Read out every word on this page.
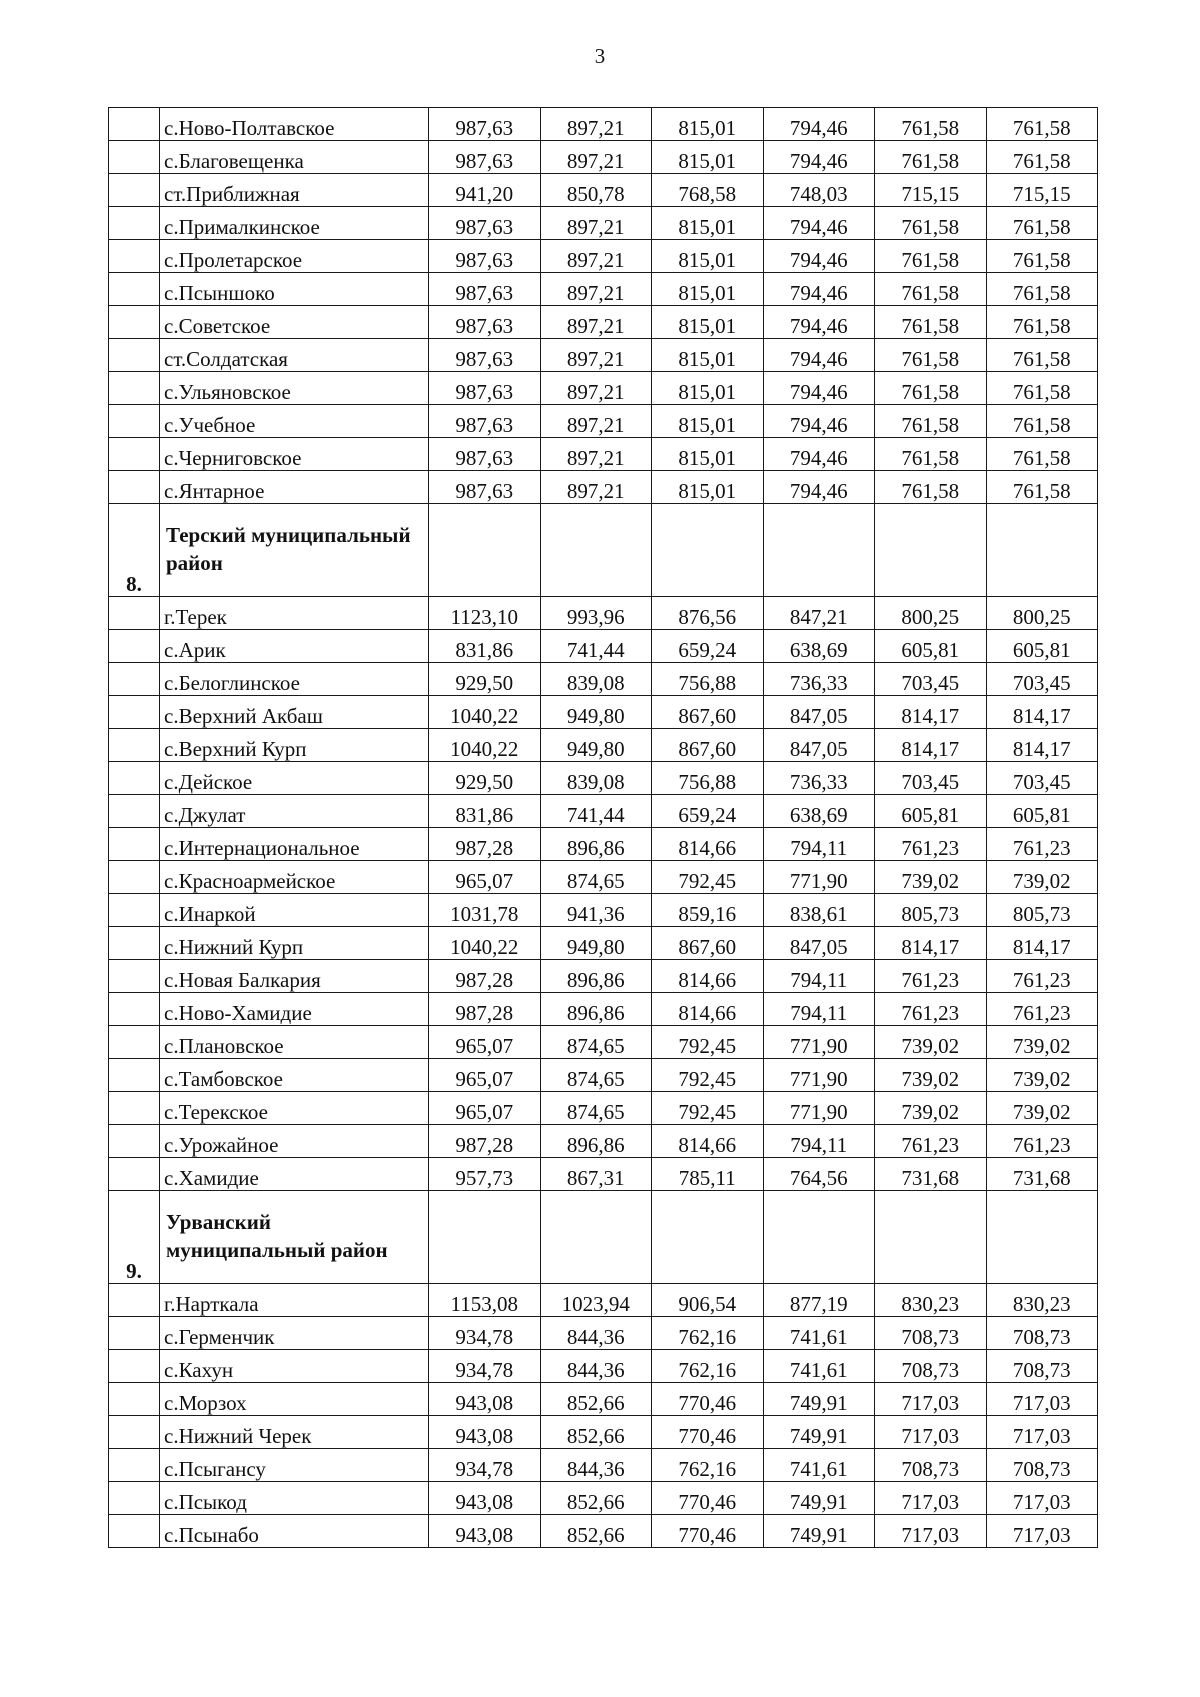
3
	с.Ново-Полтавское	987,63	897,21	815,01	794,46	761,58	761,58
	с.Благовещенка	987,63	897,21	815,01	794,46	761,58	761,58
	ст.Приближная	941,20	850,78	768,58	748,03	715,15	715,15
	с.Прималкинское	987,63	897,21	815,01	794,46	761,58	761,58
	с.Пролетарское	987,63	897,21	815,01	794,46	761,58	761,58
	с.Псыншоко	987,63	897,21	815,01	794,46	761,58	761,58
	с.Советское	987,63	897,21	815,01	794,46	761,58	761,58
	ст.Солдатская	987,63	897,21	815,01	794,46	761,58	761,58
	с.Ульяновское	987,63	897,21	815,01	794,46	761,58	761,58
	с.Учебное	987,63	897,21	815,01	794,46	761,58	761,58
	с.Черниговское	987,63	897,21	815,01	794,46	761,58	761,58
	с.Янтарное	987,63	897,21	815,01	794,46	761,58	761,58
8.	Терский муниципальный район						
	г.Терек	1123,10	993,96	876,56	847,21	800,25	800,25
	с.Арик	831,86	741,44	659,24	638,69	605,81	605,81
	с.Белоглинское	929,50	839,08	756,88	736,33	703,45	703,45
	с.Верхний Акбаш	1040,22	949,80	867,60	847,05	814,17	814,17
	с.Верхний Курп	1040,22	949,80	867,60	847,05	814,17	814,17
	с.Дейское	929,50	839,08	756,88	736,33	703,45	703,45
	с.Джулат	831,86	741,44	659,24	638,69	605,81	605,81
	с.Интернациональное	987,28	896,86	814,66	794,11	761,23	761,23
	с.Красноармейское	965,07	874,65	792,45	771,90	739,02	739,02
	с.Инаркой	1031,78	941,36	859,16	838,61	805,73	805,73
	с.Нижний Курп	1040,22	949,80	867,60	847,05	814,17	814,17
	с.Новая Балкария	987,28	896,86	814,66	794,11	761,23	761,23
	с.Ново-Хамидие	987,28	896,86	814,66	794,11	761,23	761,23
	с.Плановское	965,07	874,65	792,45	771,90	739,02	739,02
	с.Тамбовское	965,07	874,65	792,45	771,90	739,02	739,02
	с.Терекское	965,07	874,65	792,45	771,90	739,02	739,02
	с.Урожайное	987,28	896,86	814,66	794,11	761,23	761,23
	с.Хамидие	957,73	867,31	785,11	764,56	731,68	731,68
9.	Урванский муниципальный район						
	г.Нарткала	1153,08	1023,94	906,54	877,19	830,23	830,23
	с.Герменчик	934,78	844,36	762,16	741,61	708,73	708,73
	с.Кахун	934,78	844,36	762,16	741,61	708,73	708,73
	с.Морзох	943,08	852,66	770,46	749,91	717,03	717,03
	с.Нижний Черек	943,08	852,66	770,46	749,91	717,03	717,03
	с.Псыгансу	934,78	844,36	762,16	741,61	708,73	708,73
	с.Псыкод	943,08	852,66	770,46	749,91	717,03	717,03
	с.Псынабо	943,08	852,66	770,46	749,91	717,03	717,03
